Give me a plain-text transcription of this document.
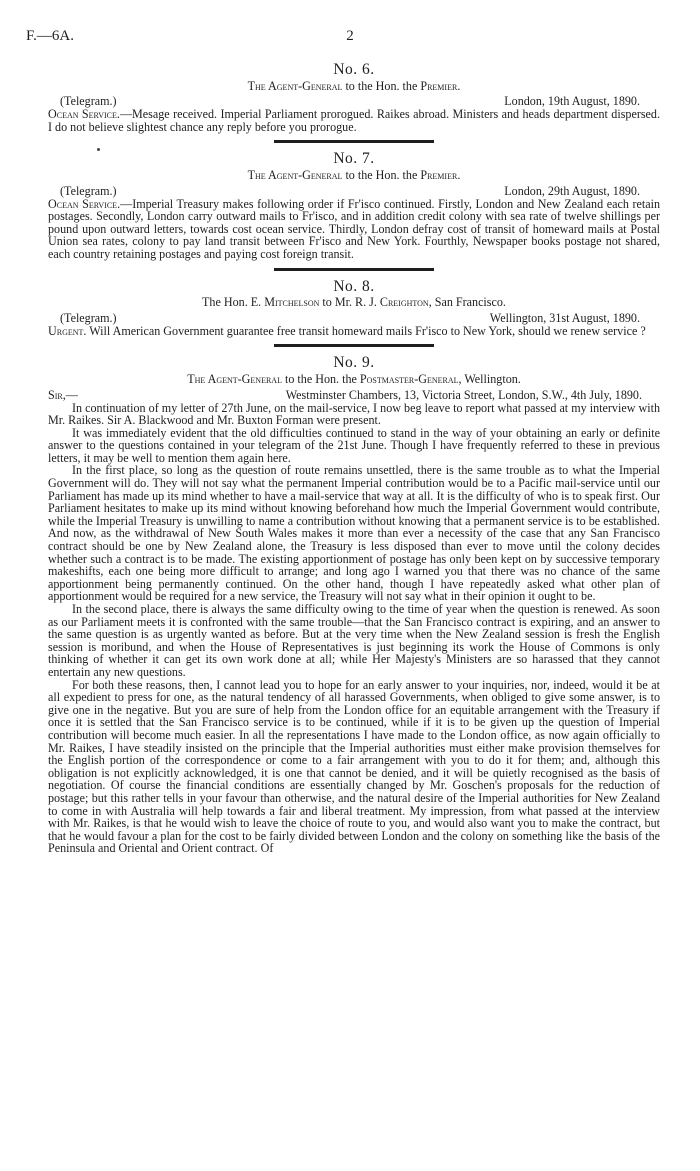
F.—6A.	2
No. 6.
The Agent-General to the Hon. the Premier.
(Telegram.)	London, 19th August, 1890.

Ocean Service.—Mesage received. Imperial Parliament prorogued. Raikes abroad. Ministers and heads department dispersed. I do not believe slightest chance any reply before you prorogue.

No. 7.
The Agent-General to the Hon. the Premier.
(Telegram.)	London, 29th August, 1890.

Ocean Service.—Imperial Treasury makes following order if Fr'isco continued. Firstly, London and New Zealand each retain postages. Secondly, London carry outward mails to Fr'isco, and in addition credit colony with sea rate of twelve shillings per pound upon outward letters, towards cost ocean service. Thirdly, London defray cost of transit of homeward mails at Postal Union sea rates, colony to pay land transit between Fr'isco and New York. Fourthly, Newspaper books postage not shared, each country retaining postages and paying cost foreign transit.

No. 8.
The Hon. E. Mitchelson to Mr. R. J. Creighton, San Francisco.
(Telegram.)	Wellington, 31st August, 1890.

Urgent. Will American Government guarantee free transit homeward mails Fr'isco to New York, should we renew service ?

No. 9.
The Agent-General to the Hon. the Postmaster-General, Wellington.
Sir,—	Westminster Chambers, 13, Victoria Street, London, S.W., 4th July, 1890.

In continuation of my letter of 27th June, on the mail-service, I now beg leave to report what passed at my interview with Mr. Raikes. Sir A. Blackwood and Mr. Buxton Forman were present.

It was immediately evident that the old difficulties continued to stand in the way of your obtaining an early or definite answer to the questions contained in your telegram of the 21st June. Though I have frequently referred to these in previous letters, it may be well to mention them again here.

In the first place, so long as the question of route remains unsettled, there is the same trouble as to what the Imperial Government will do. They will not say what the permanent Imperial contribution would be to a Pacific mail-service until our Parliament has made up its mind whether to have a mail-service that way at all. It is the difficulty of who is to speak first. Our Parliament hesitates to make up its mind without knowing beforehand how much the Imperial Government would contribute, while the Imperial Treasury is unwilling to name a contribution without knowing that a permanent service is to be established. And now, as the withdrawal of New South Wales makes it more than ever a necessity of the case that any San Francisco contract should be one by New Zealand alone, the Treasury is less disposed than ever to move until the colony decides whether such a contract is to be made. The existing apportionment of postage has only been kept on by successive temporary makeshifts, each one being more difficult to arrange; and long ago I warned you that there was no chance of the same apportionment being permanently continued. On the other hand, though I have repeatedly asked what other plan of apportionment would be required for a new service, the Treasury will not say what in their opinion it ought to be.

In the second place, there is always the same difficulty owing to the time of year when the question is renewed. As soon as our Parliament meets it is confronted with the same trouble—that the San Francisco contract is expiring, and an answer to the same question is as urgently wanted as before. But at the very time when the New Zealand session is fresh the English session is moribund, and when the House of Representatives is just beginning its work the House of Commons is only thinking of whether it can get its own work done at all; while Her Majesty's Ministers are so harassed that they cannot entertain any new questions.

For both these reasons, then, I cannot lead you to hope for an early answer to your inquiries, nor, indeed, would it be at all expedient to press for one, as the natural tendency of all harassed Governments, when obliged to give some answer, is to give one in the negative. But you are sure of help from the London office for an equitable arrangement with the Treasury if once it is settled that the San Francisco service is to be continued, while if it is to be given up the question of Imperial contribution will become much easier. In all the representations I have made to the London office, as now again officially to Mr. Raikes, I have steadily insisted on the principle that the Imperial authorities must either make provision themselves for the English portion of the correspondence or come to a fair arrangement with you to do it for them; and, although this obligation is not explicitly acknowledged, it is one that cannot be denied, and it will be quietly recognised as the basis of negotiation. Of course the financial conditions are essentially changed by Mr. Goschen's proposals for the reduction of postage; but this rather tells in your favour than otherwise, and the natural desire of the Imperial authorities for New Zealand to come in with Australia will help towards a fair and liberal treatment. My impression, from what passed at the interview with Mr. Raikes, is that he would wish to leave the choice of route to you, and would also want you to make the contract, but that he would favour a plan for the cost to be fairly divided between London and the colony on something like the basis of the Peninsula and Oriental and Orient contract. Of
